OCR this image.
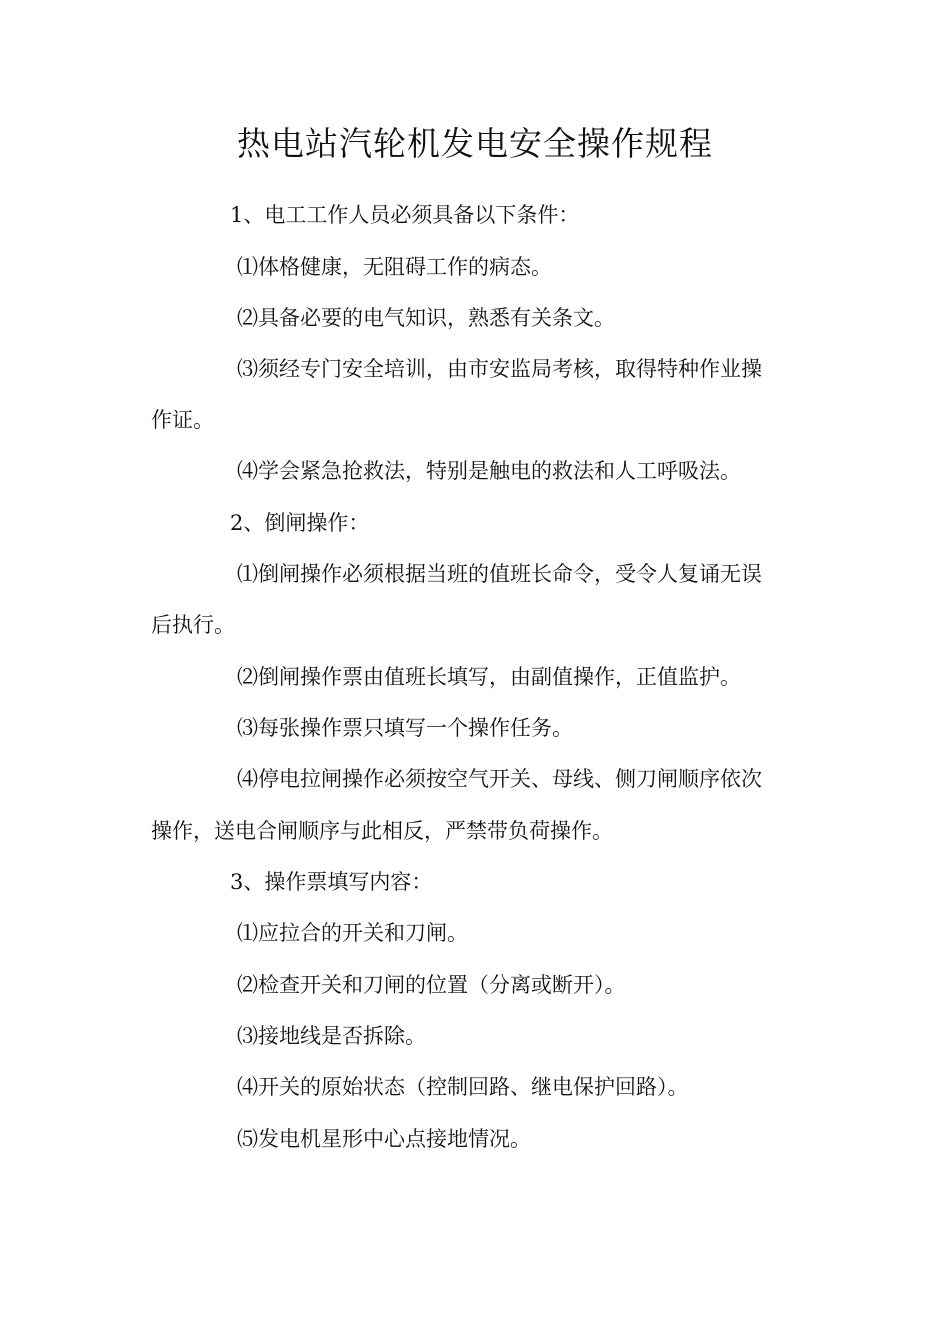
热电站汽轮机发电安全操作规程
1、电工工作人员必须具备以下条件：
⑴体格健康，无阻碍工作的病态。
⑵具备必要的电气知识，熟悉有关条文。
⑶须经专门安全培训，由市安监局考核，取得特种作业操
作证。
⑷学会紧急抢救法，特别是触电的救法和人工呼吸法。
2、倒闸操作：
⑴倒闸操作必须根据当班的值班长命令，受令人复诵无误
后执行。
⑵倒闸操作票由值班长填写，由副值操作，正值监护。
⑶每张操作票只填写一个操作任务。
⑷停电拉闸操作必须按空气开关、母线、侧刀闸顺序依次
操作，送电合闸顺序与此相反，严禁带负荷操作。
3、操作票填写内容：
⑴应拉合的开关和刀闸。
⑵检查开关和刀闸的位置（分离或断开）。
⑶接地线是否拆除。
⑷开关的原始状态（控制回路、继电保护回路）。
⑸发电机星形中心点接地情况。
